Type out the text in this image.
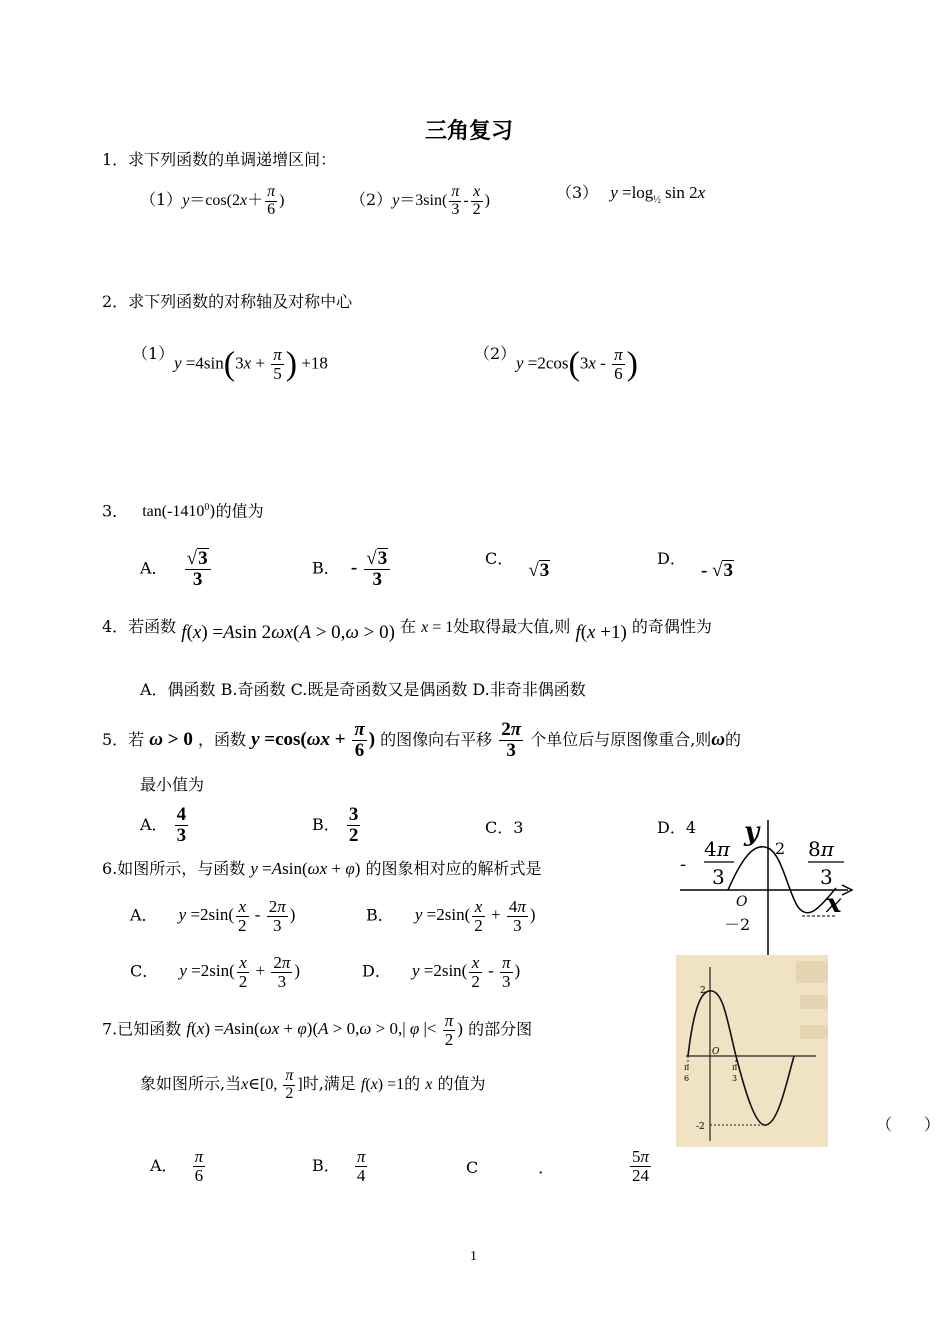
三角复习
1．求下列函数的单调递增区间：
$(1)y=\cos(2x+ \frac{\pi}{6}$ )	$(2)y=3\sin( \frac{\pi}{3} - \frac{x}{2}$ )	（3） $y =\log_{\frac{1}{2}}$ sin 2x
2．求下列函数的对称轴及对称中心
（1） $y =4\sin(3x + \frac{\pi}{5}$ ) +18	（2） $y =2\cos(3x - \frac{\pi}{6}$ )
3． tan(-1410$^0$)的值为
A． $\frac{√3}{3}$	B． - $\frac{√3}{3}$	C． √3
D． - √3
4．若函数 f(x) =Asin 2ωx(A > 0,ω > 0) 在 x = 1处取得最大值,则 f(x +1) 的奇偶性为
A．偶函数 B.奇函数 C.既是奇函数又是偶函数 D.非奇非偶函数
5．若 ω > 0 ，函数 $y =\cos(\omega x + \frac{\pi}{6}$ ) 的图像向右平移 $\frac{2\pi}{3}$ 个单位后与原图像重合,则ω的
最小值为
A． $\frac{4}{3}$	B． $\frac{3}{2}$	C．3	D．4
6.如图所示，与函数 y =Asin(ωx + φ) 的图象相对应的解析式是
A． $y =2\sin( \frac{x}{2} - \frac{2\pi}{3}$ )	B． $y =2\sin( \frac{x}{2} + \frac{4\pi}{3}$ )
C． $y =2\sin( \frac{x}{2} + \frac{2\pi}{3}$ )	D． $y =2\sin( \frac{x}{2} - \frac{\pi}{3}$ )
7.已知函数 f(x) =Asin(ωx + φ)(A > 0,ω > 0,| φ |< $\frac{\pi}{2}$ ) 的部分图
象如图所示,当x∈[0, $\frac{\pi}{2}$ ]时,满足 f(x) =1的 x 的值为
（　　）
A． $\frac{\pi}{6}$	B． $\frac{\pi}{4}$	C	．	$\frac{5\pi}{24}$
y
x
2
O
－2
-
4π
3
8π
3
2
-2
O
π
6
π
3
1
